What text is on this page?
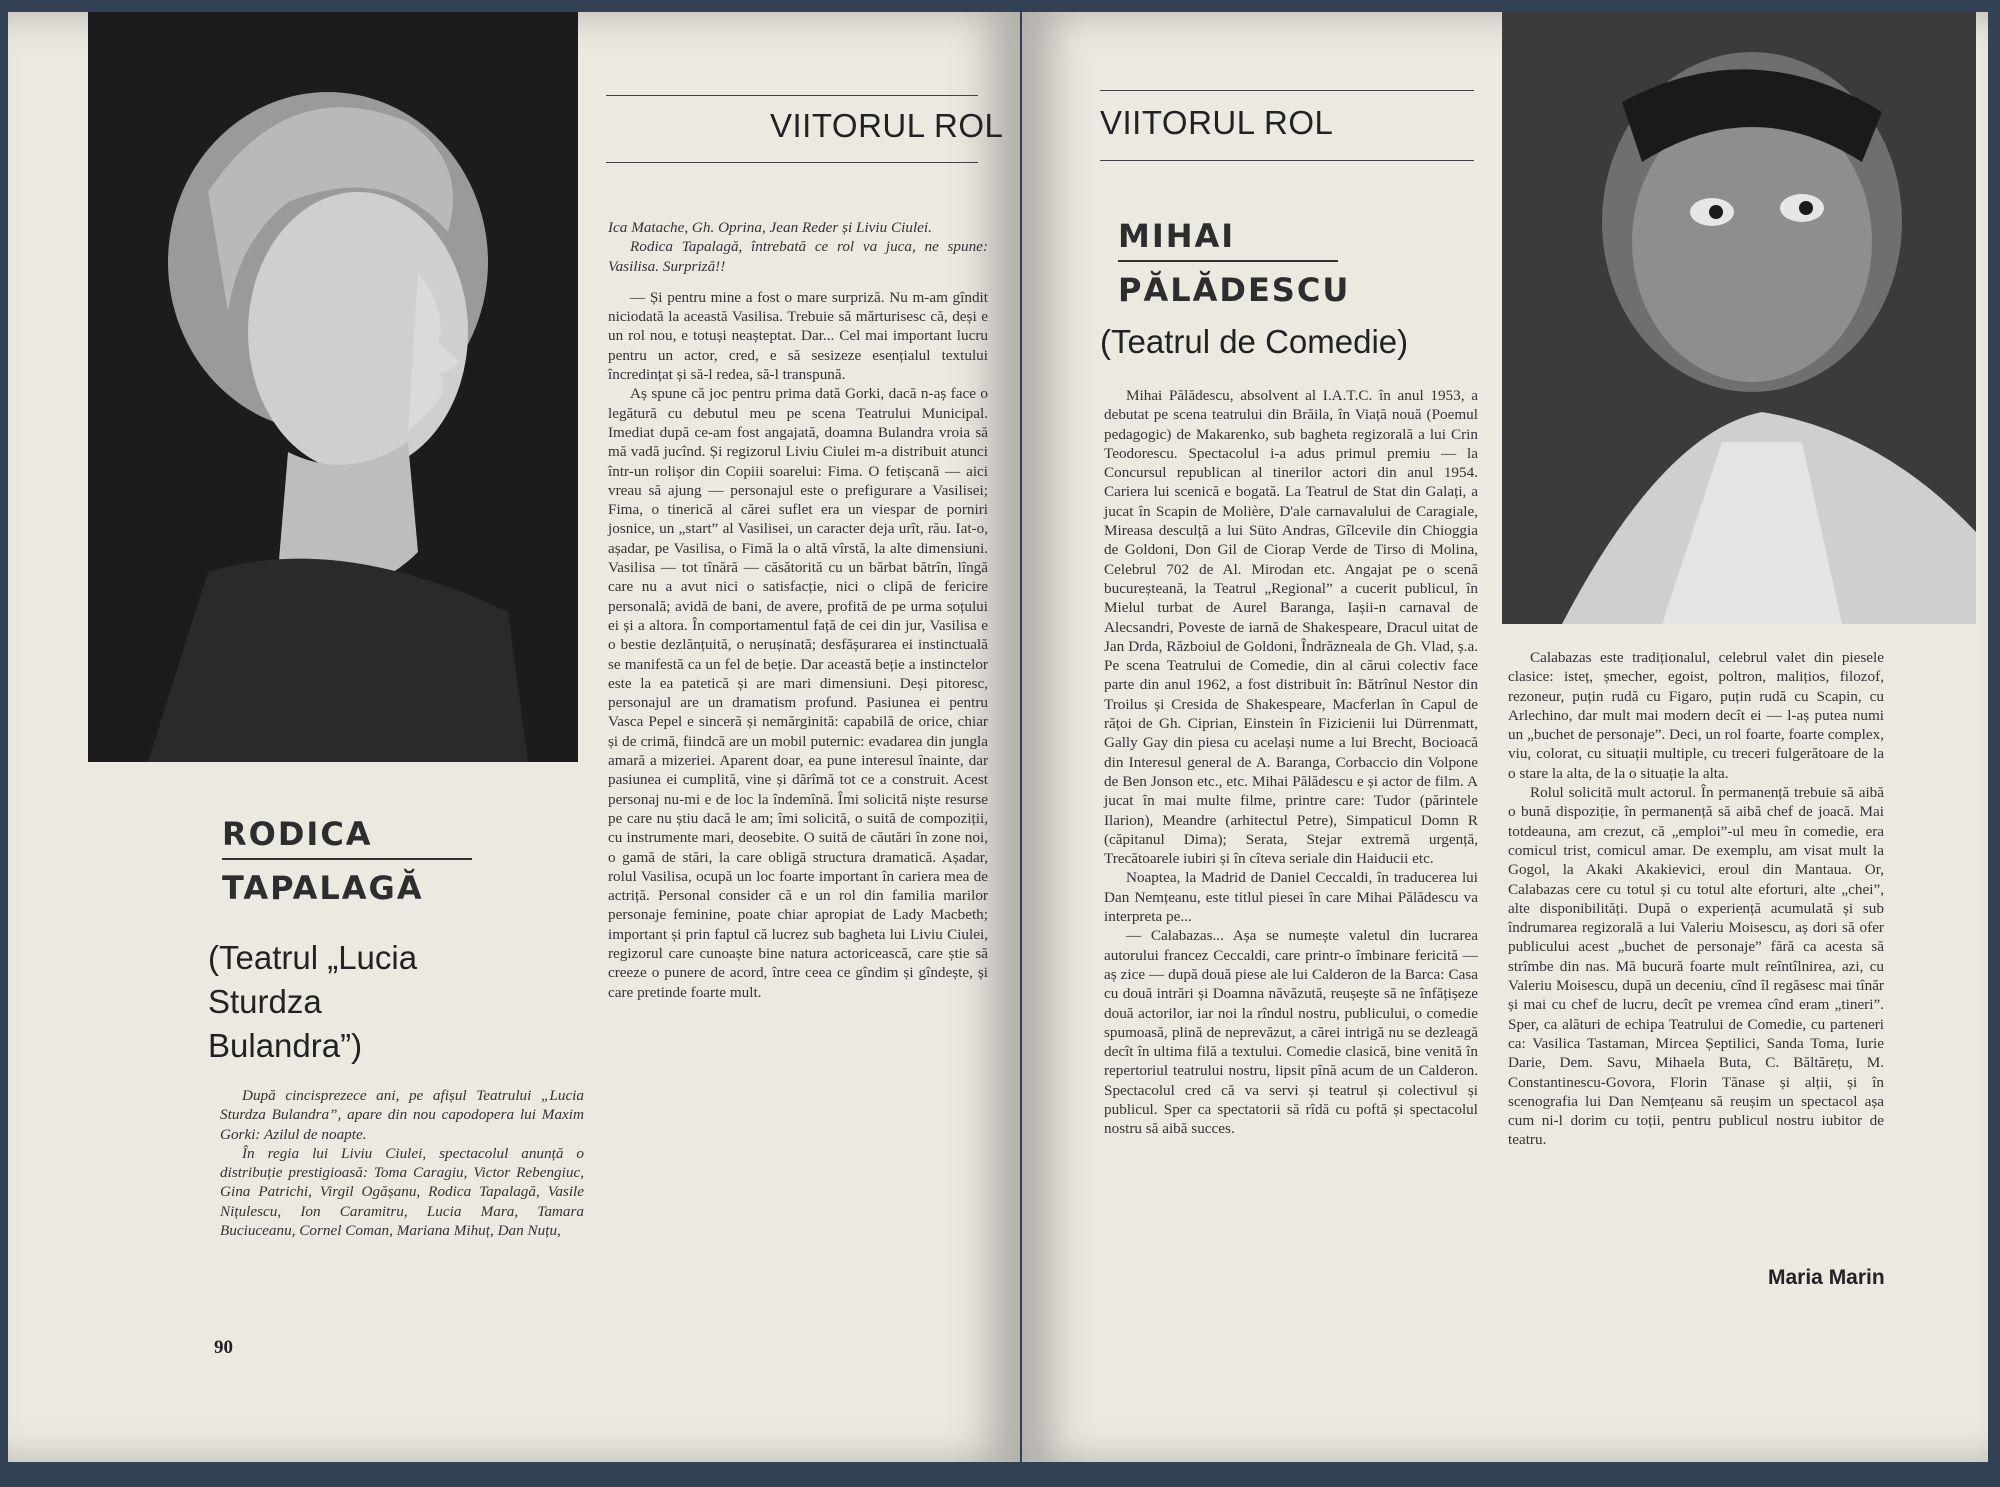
VIITORUL ROL
RODICA
TAPALAGĂ
(Teatrul „Lucia Sturdza Bulandra”)

După cincisprezece ani, pe afișul Teatrului „Lucia Sturdza Bulandra”, apare din nou capodopera lui Maxim Gorki: Azilul de noapte.

În regia lui Liviu Ciulei, spectacolul anunță o distribuție prestigioasă: Toma Caragiu, Victor Rebengiuc, Gina Patrichi, Virgil Ogășanu, Rodica Tapalagă, Vasile Nițulescu, Ion Caramitru, Lucia Mara, Tamara Buciuceanu, Cornel Coman, Mariana Mihuț, Dan Nuțu,

Ica Matache, Gh. Oprina, Jean Reder și Liviu Ciulei.

Rodica Tapalagă, întrebată ce rol va juca, ne spune: Vasilisa. Surpriză!!

— Și pentru mine a fost o mare surpriză. Nu m-am gîndit niciodată la această Vasilisa. Trebuie să mărturisesc că, deși e un rol nou, e totuși neașteptat. Dar... Cel mai important lucru pentru un actor, cred, e să sesizeze esențialul textului încredințat și să-l redea, să-l transpună.

Aș spune că joc pentru prima dată Gorki, dacă n-aș face o legătură cu debutul meu pe scena Teatrului Municipal. Imediat după ce-am fost angajată, doamna Bulandra vroia să mă vadă jucînd. Și regizorul Liviu Ciulei m-a distribuit atunci într-un rolișor din Copiii soarelui: Fima. O fetișcană — aici vreau să ajung — personajul este o prefigurare a Vasilisei; Fima, o tinerică al cărei suflet era un viespar de porniri josnice, un „start” al Vasilisei, un caracter deja urît, rău. Iat-o, așadar, pe Vasilisa, o Fimă la o altă vîrstă, la alte dimensiuni. Vasilisa — tot tînără — căsătorită cu un bărbat bătrîn, lîngă care nu a avut nici o satisfacție, nici o clipă de fericire personală; avidă de bani, de avere, profită de pe urma soțului ei și a altora. În comportamentul față de cei din jur, Vasilisa e o bestie dezlănțuită, o nerușinată; desfășurarea ei instinctuală se manifestă ca un fel de beție. Dar această beție a instinctelor este la ea patetică și are mari dimensiuni. Deși pitoresc, personajul are un dramatism profund. Pasiunea ei pentru Vasca Pepel e sinceră și nemărginită: capabilă de orice, chiar și de crimă, fiindcă are un mobil puternic: evadarea din jungla amară a mizeriei. Aparent doar, ea pune interesul înainte, dar pasiunea ei cumplită, vine și dărîmă tot ce a construit. Acest personaj nu-mi e de loc la îndemînă. Îmi solicită niște resurse pe care nu știu dacă le am; îmi solicită, o suită de compoziții, cu instrumente mari, deosebite. O suită de căutări în zone noi, o gamă de stări, la care obligă structura dramatică. Așadar, rolul Vasilisa, ocupă un loc foarte important în cariera mea de actriță. Personal consider că e un rol din familia marilor personaje feminine, poate chiar apropiat de Lady Macbeth; important și prin faptul că lucrez sub bagheta lui Liviu Ciulei, regizorul care cunoaște bine natura actoricească, care știe să creeze o punere de acord, între ceea ce gîndim și gîndește, și care pretinde foarte mult.

90
VIITORUL ROL
MIHAI
PĂLĂDESCU
(Teatrul de Comedie)

Mihai Pălădescu, absolvent al I.A.T.C. în anul 1953, a debutat pe scena teatrului din Brăila, în Viață nouă (Poemul pedagogic) de Makarenko, sub bagheta regizorală a lui Crin Teodorescu. Spectacolul i-a adus primul premiu — la Concursul republican al tinerilor actori din anul 1954. Cariera lui scenică e bogată. La Teatrul de Stat din Galați, a jucat în Scapin de Molière, D'ale carnavalului de Caragiale, Mireasa desculță a lui Süto Andras, Gîlcevile din Chioggia de Goldoni, Don Gil de Ciorap Verde de Tirso di Molina, Celebrul 702 de Al. Mirodan etc. Angajat pe o scenă bucureșteană, la Teatrul „Regional” a cucerit publicul, în Mielul turbat de Aurel Baranga, Iașii-n carnaval de Alecsandri, Poveste de iarnă de Shakespeare, Dracul uitat de Jan Drda, Războiul de Goldoni, Îndrăzneala de Gh. Vlad, ș.a. Pe scena Teatrului de Comedie, din al cărui colectiv face parte din anul 1962, a fost distribuit în: Bătrînul Nestor din Troilus și Cresida de Shakespeare, Macferlan în Capul de rățoi de Gh. Ciprian, Einstein în Fizicienii lui Dürrenmatt, Gally Gay din piesa cu același nume a lui Brecht, Bocioacă din Interesul general de A. Baranga, Corbaccio din Volpone de Ben Jonson etc., etc. Mihai Pălădescu e și actor de film. A jucat în mai multe filme, printre care: Tudor (părintele Ilarion), Meandre (arhitectul Petre), Simpaticul Domn R (căpitanul Dima); Serata, Stejar extremă urgență, Trecătoarele iubiri și în cîteva seriale din Haiducii etc.

Noaptea, la Madrid de Daniel Ceccaldi, în traducerea lui Dan Nemțeanu, este titlul piesei în care Mihai Pălădescu va interpreta pe...

— Calabazas... Așa se numește valetul din lucrarea autorului francez Ceccaldi, care printr-o îmbinare fericită — aș zice — după două piese ale lui Calderon de la Barca: Casa cu două intrări și Doamna năvăzută, reușește să ne înfățișeze două actorilor, iar noi la rîndul nostru, publicului, o comedie spumoasă, plină de neprevăzut, a cărei intrigă nu se dezleagă decît în ultima filă a textului. Comedie clasică, bine venită în repertoriul teatrului nostru, lipsit pînă acum de un Calderon. Spectacolul cred că va servi și teatrul și colectivul și publicul. Sper ca spectatorii să rîdă cu poftă și spectacolul nostru să aibă succes.

Calabazas este tradiționalul, celebrul valet din piesele clasice: isteț, șmecher, egoist, poltron, malițios, filozof, rezoneur, puțin rudă cu Figaro, puțin rudă cu Scapin, cu Arlechino, dar mult mai modern decît ei — l-aș putea numi un „buchet de personaje”. Deci, un rol foarte, foarte complex, viu, colorat, cu situații multiple, cu treceri fulgerătoare de la o stare la alta, de la o situație la alta.

Rolul solicită mult actorul. În permanență trebuie să aibă o bună dispoziție, în permanență să aibă chef de joacă. Mai totdeauna, am crezut, că „emploi”-ul meu în comedie, era comicul trist, comicul amar. De exemplu, am visat mult la Gogol, la Akaki Akakievici, eroul din Mantaua. Or, Calabazas cere cu totul și cu totul alte eforturi, alte „chei”, alte disponibilități. După o experiență acumulată și sub îndrumarea regizorală a lui Valeriu Moisescu, aș dori să ofer publicului acest „buchet de personaje” fără ca acesta să strîmbe din nas. Mă bucură foarte mult reîntîlnirea, azi, cu Valeriu Moisescu, după un deceniu, cînd îl regăsesc mai tînăr și mai cu chef de lucru, decît pe vremea cînd eram „tineri”. Sper, ca alături de echipa Teatrului de Comedie, cu parteneri ca: Vasilica Tastaman, Mircea Șeptilici, Sanda Toma, Iurie Darie, Dem. Savu, Mihaela Buta, C. Băltărețu, M. Constantinescu-Govora, Florin Tănase și alții, și în scenografia lui Dan Nemțeanu să reușim un spectacol așa cum ni-l dorim cu toții, pentru publicul nostru iubitor de teatru.

Maria Marin
